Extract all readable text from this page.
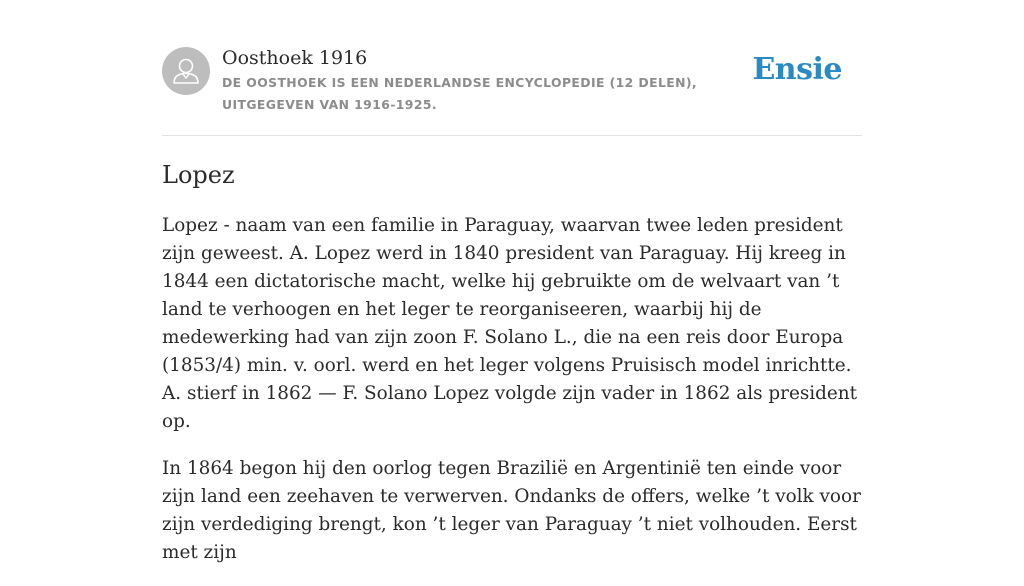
Oosthoek 1916
DE OOSTHOEK IS EEN NEDERLANDSE ENCYCLOPEDIE (12 DELEN), UITGEGEVEN VAN 1916-1925.
Ensie
Lopez

Lopez - naam van een familie in Paraguay, waarvan twee leden president zijn geweest. A. Lopez werd in 1840 president van Paraguay. Hij kreeg in 1844 een dictatorische macht, welke hij gebruikte om de welvaart van ’t land te verhoogen en het leger te reorganiseeren, waarbij hij de medewerking had van zijn zoon F. Solano L., die na een reis door Europa (1853/4) min. v. oorl. werd en het leger volgens Pruisisch model inrichtte. A. stierf in 1862 — F. Solano Lopez volgde zijn vader in 1862 als president op.

In 1864 begon hij den oorlog tegen Brazilië en Argentinië ten einde voor zijn land een zeehaven te verwerven. Ondanks de offers, welke ’t volk voor zijn verdediging brengt, kon ’t leger van Paraguay ’t niet volhouden. Eerst met zijn
